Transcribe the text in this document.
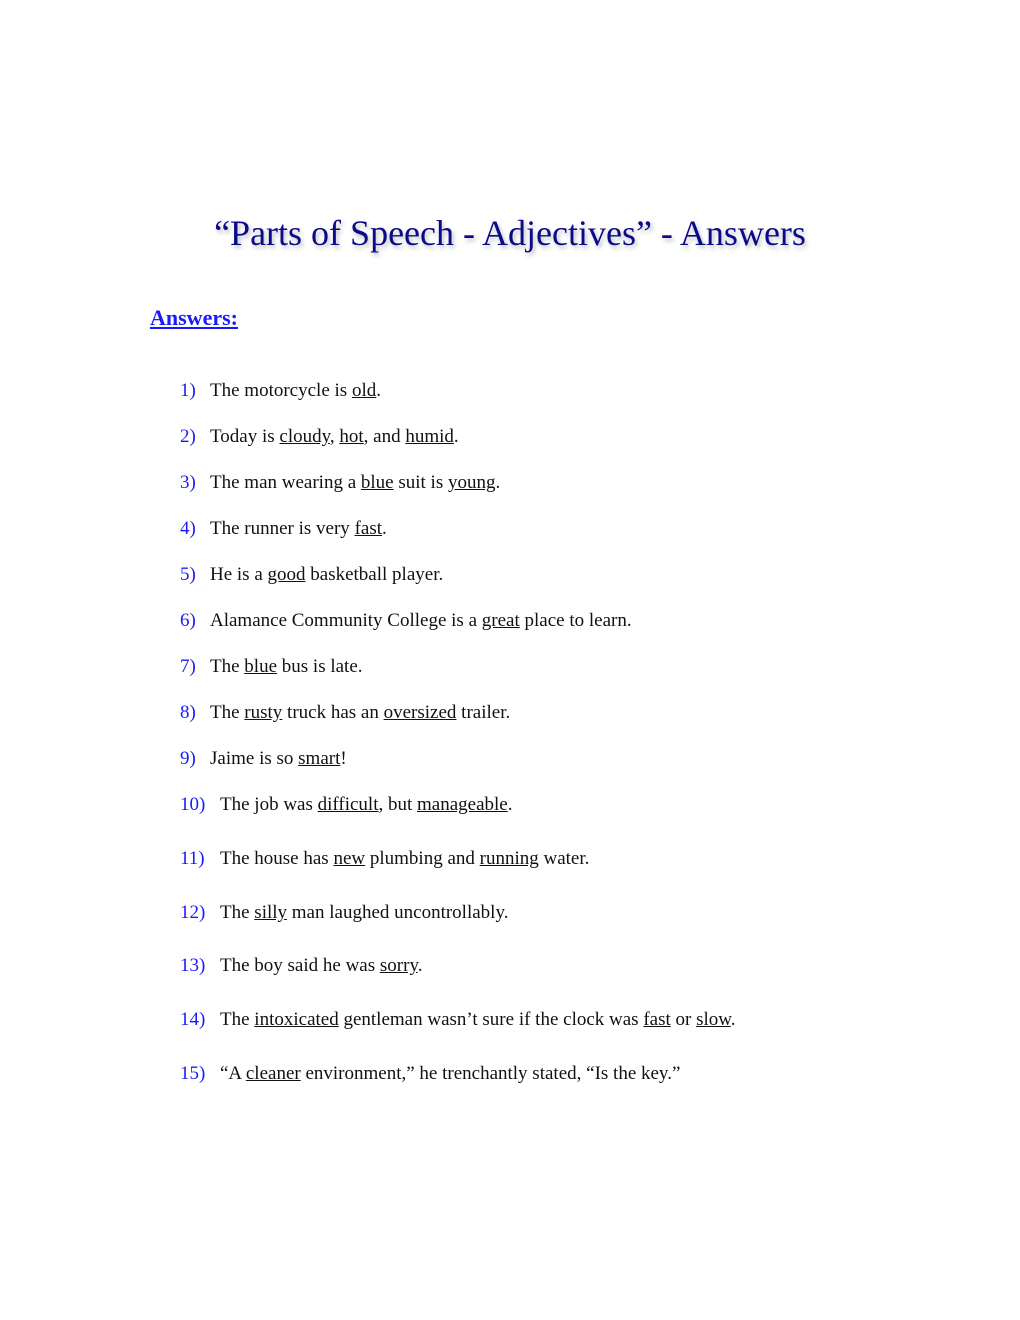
“Parts of Speech - Adjectives” - Answers
Answers:
1) The motorcycle is old.
2) Today is cloudy, hot, and humid.
3) The man wearing a blue suit is young.
4) The runner is very fast.
5) He is a good basketball player.
6) Alamance Community College is a great place to learn.
7) The blue bus is late.
8) The rusty truck has an oversized trailer.
9) Jaime is so smart!
10) The job was difficult, but manageable.
11) The house has new plumbing and running water.
12) The silly man laughed uncontrollably.
13) The boy said he was sorry.
14) The intoxicated gentleman wasn’t sure if the clock was fast or slow.
15) “A cleaner environment,” he trenchantly stated, “Is the key.”
